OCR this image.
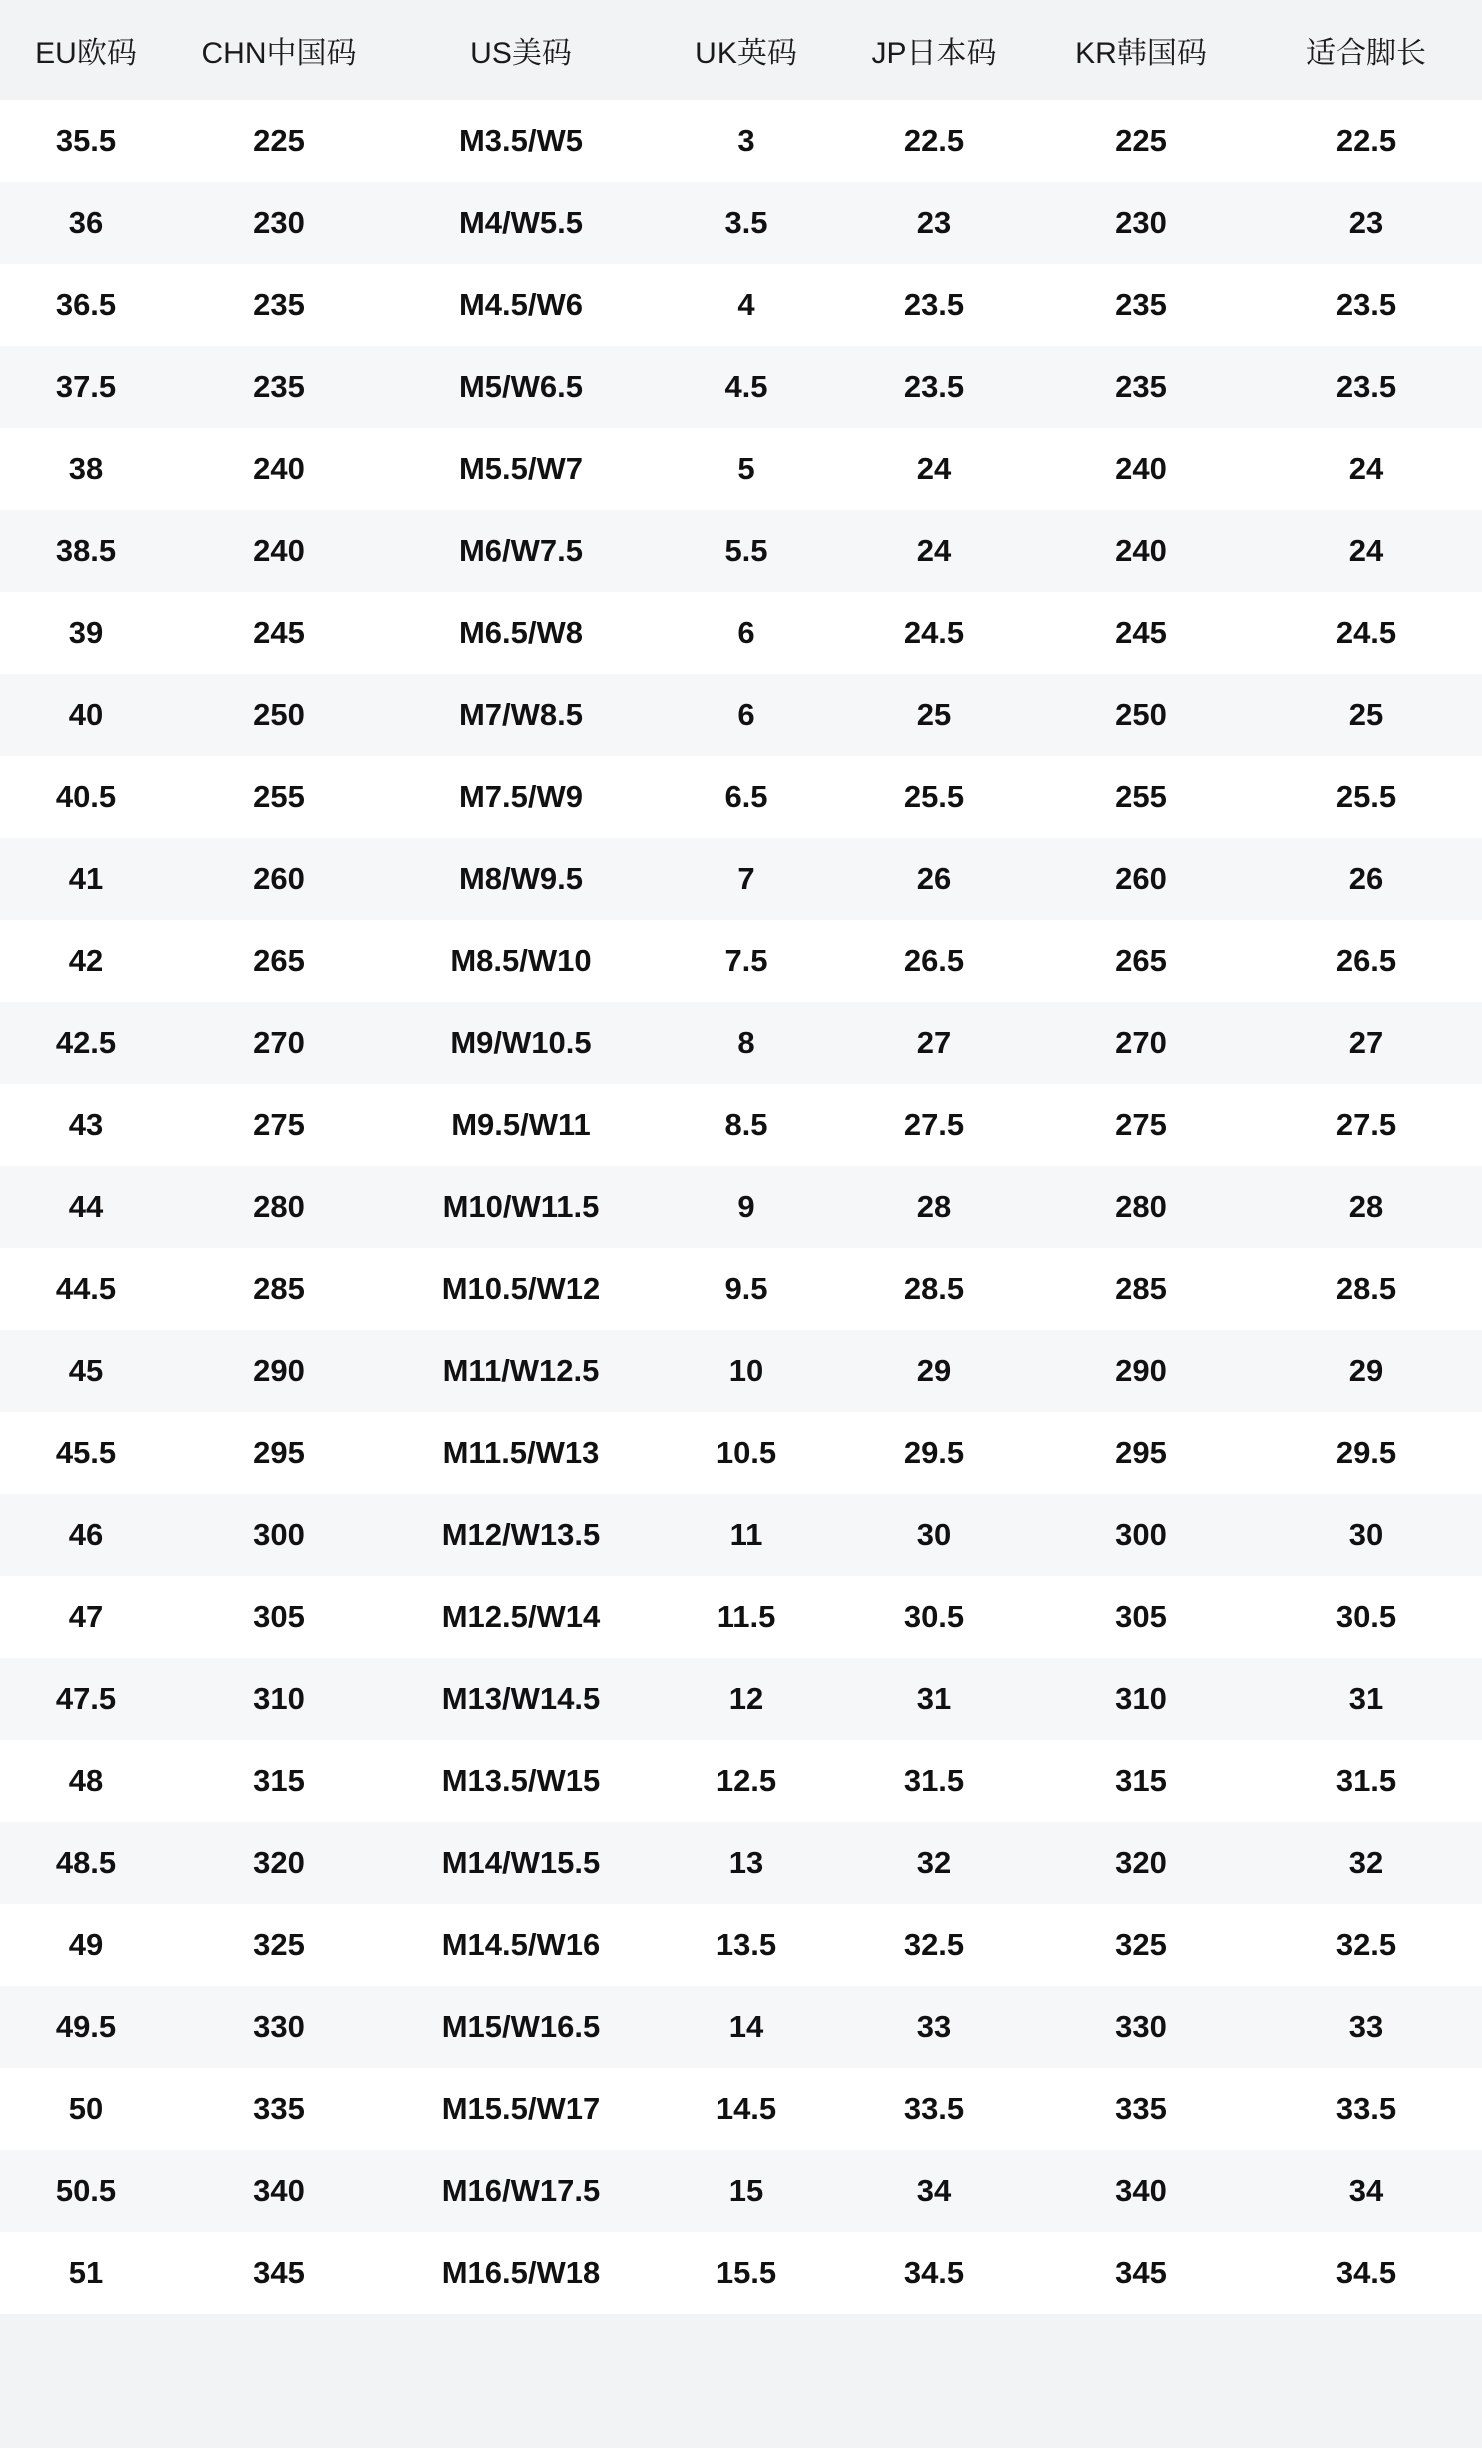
EU欧码	CHN中国码	US美码	UK英码	JP日本码	KR韩国码	适合脚长
35.5	225	M3.5/W5	3	22.5	225	22.5
36	230	M4/W5.5	3.5	23	230	23
36.5	235	M4.5/W6	4	23.5	235	23.5
37.5	235	M5/W6.5	4.5	23.5	235	23.5
38	240	M5.5/W7	5	24	240	24
38.5	240	M6/W7.5	5.5	24	240	24
39	245	M6.5/W8	6	24.5	245	24.5
40	250	M7/W8.5	6	25	250	25
40.5	255	M7.5/W9	6.5	25.5	255	25.5
41	260	M8/W9.5	7	26	260	26
42	265	M8.5/W10	7.5	26.5	265	26.5
42.5	270	M9/W10.5	8	27	270	27
43	275	M9.5/W11	8.5	27.5	275	27.5
44	280	M10/W11.5	9	28	280	28
44.5	285	M10.5/W12	9.5	28.5	285	28.5
45	290	M11/W12.5	10	29	290	29
45.5	295	M11.5/W13	10.5	29.5	295	29.5
46	300	M12/W13.5	11	30	300	30
47	305	M12.5/W14	11.5	30.5	305	30.5
47.5	310	M13/W14.5	12	31	310	31
48	315	M13.5/W15	12.5	31.5	315	31.5
48.5	320	M14/W15.5	13	32	320	32
49	325	M14.5/W16	13.5	32.5	325	32.5
49.5	330	M15/W16.5	14	33	330	33
50	335	M15.5/W17	14.5	33.5	335	33.5
50.5	340	M16/W17.5	15	34	340	34
51	345	M16.5/W18	15.5	34.5	345	34.5
